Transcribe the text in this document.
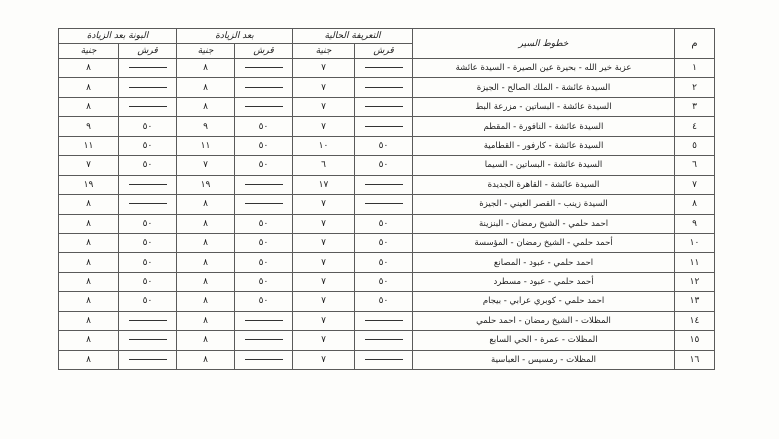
م	خطوط السير	التعريفة الحالية		بعد الزيادة		البونة بعد الزيادة	
		قرش	جنية	قرش	جنية	قرش	جنية
١	عزبة خير الله - بحيرة عين الصيرة - السيدة عائشة		٧		٨		٨
٢	السيدة عائشة - الملك الصالح - الجيزة		٧		٨		٨
٣	السيدة عائشة - البساتين - مزرعة البط		٧		٨		٨
٤	السيدة عائشة - النافورة - المقطم		٧	٥٠	٩	٥٠	٩
٥	السيدة عائشة - كارفور - القطامية	٥٠	١٠	٥٠	١١	٥٠	١١
٦	السيدة عائشة - البساتين - السيما	٥٠	٦	٥٠	٧	٥٠	٧
٧	السيدة عائشة - القاهرة الجديدة		١٧		١٩		١٩
٨	السيدة زينب - القصر العيني - الجيزة		٧		٨		٨
٩	احمد حلمي - الشيخ رمضان - البنزينة	٥٠	٧	٥٠	٨	٥٠	٨
١٠	أحمد حلمي - الشيخ رمضان - المؤسسة	٥٠	٧	٥٠	٨	٥٠	٨
١١	احمد حلمي - عبود - المصانع	٥٠	٧	٥٠	٨	٥٠	٨
١٢	أحمد حلمي - عبود - مسطرد	٥٠	٧	٥٠	٨	٥٠	٨
١٣	احمد حلمي - كوبري عرابي - بيجام	٥٠	٧	٥٠	٨	٥٠	٨
١٤	المظلات - الشيخ رمضان - احمد حلمي		٧		٨		٨
١٥	المظلات - عمرة - الحي السابع		٧		٨		٨
١٦	المظلات - رمسيس - العباسية		٧		٨		٨
